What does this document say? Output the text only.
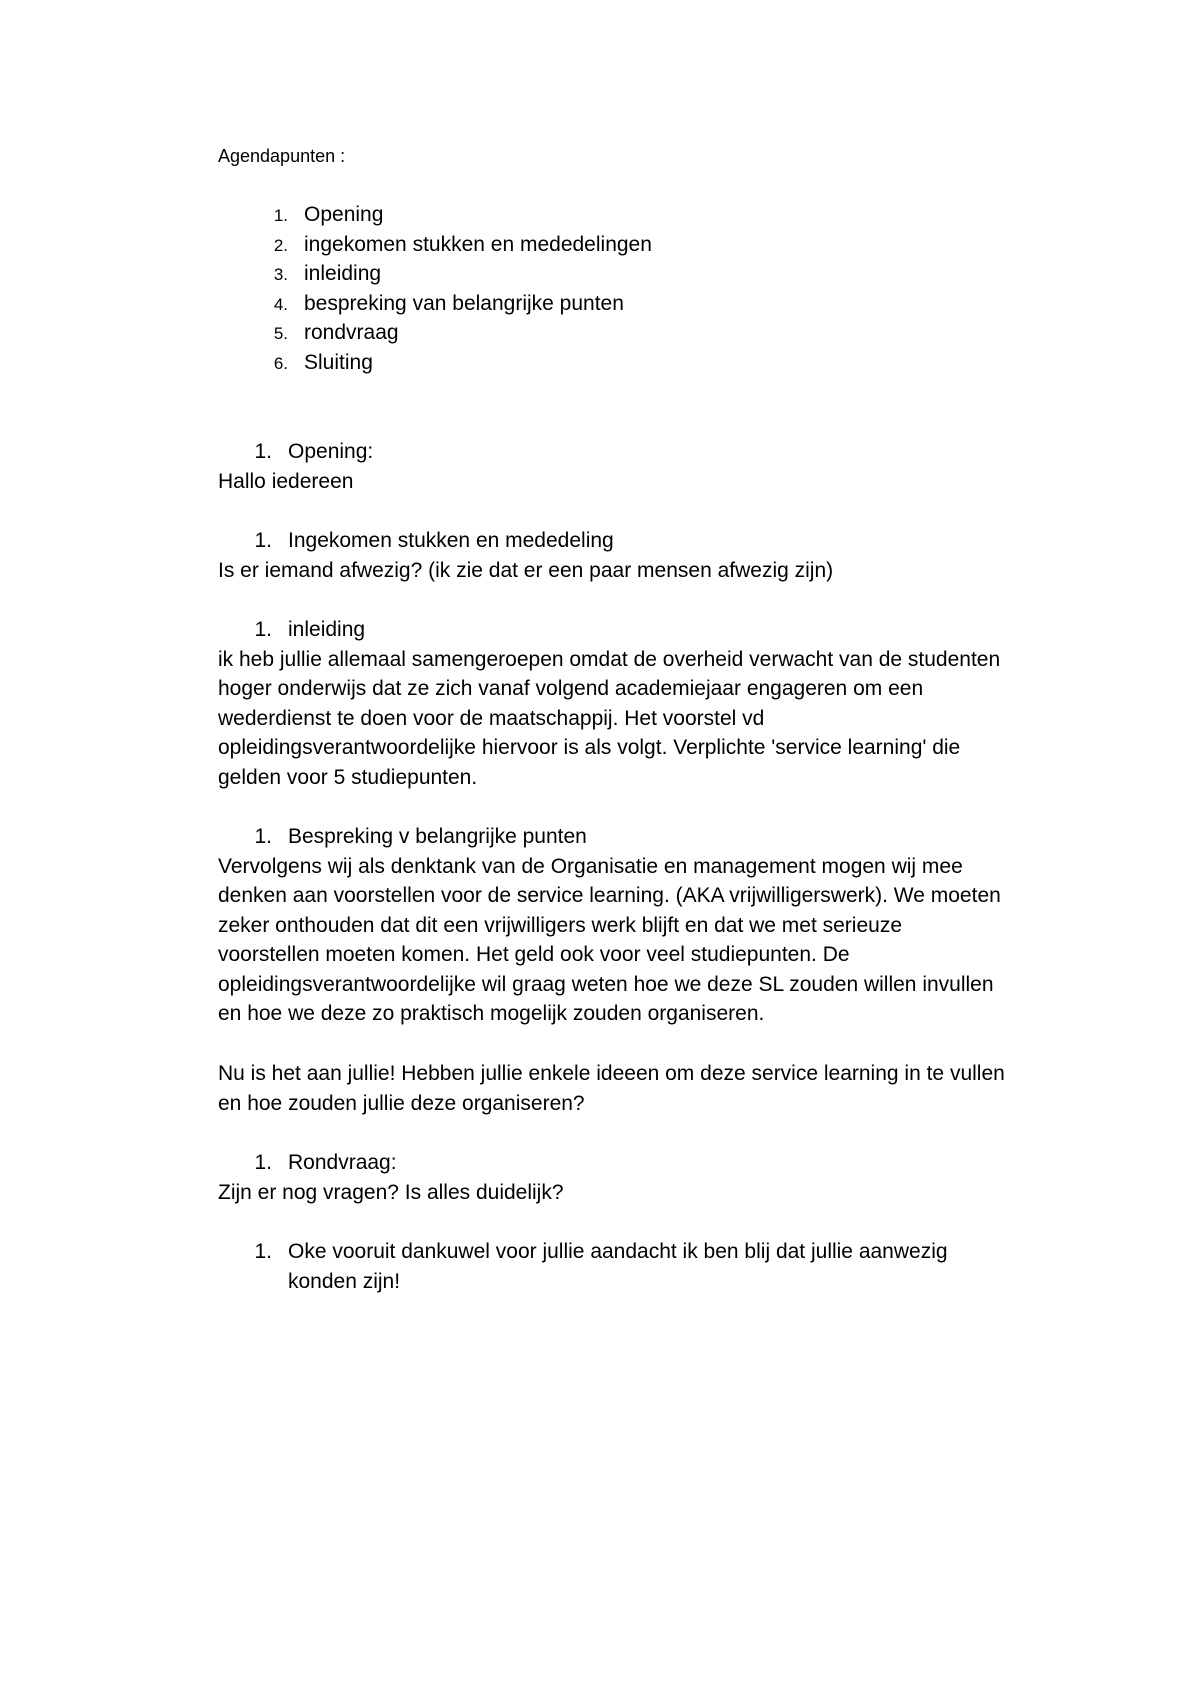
Agendapunten :
1. Opening
2. ingekomen stukken en mededelingen
3. inleiding
4. bespreking van belangrijke punten
5. rondvraag
6. Sluiting
1. Opening:
Hallo iedereen
1. Ingekomen stukken en mededeling
Is er iemand afwezig? (ik zie dat er een paar mensen afwezig zijn)
1. inleiding
ik heb jullie allemaal samengeroepen omdat de overheid verwacht van de studenten
hoger onderwijs dat ze zich vanaf volgend academiejaar engageren om een
wederdienst te doen voor de maatschappij. Het voorstel vd
opleidingsverantwoordelijke hiervoor is als volgt. Verplichte 'service learning' die
gelden voor 5 studiepunten.
1. Bespreking v belangrijke punten
Vervolgens wij als denktank van de Organisatie en management mogen wij mee
denken aan voorstellen voor de service learning. (AKA vrijwilligerswerk). We moeten
zeker onthouden dat dit een vrijwilligers werk blijft en dat we met serieuze
voorstellen moeten komen. Het geld ook voor veel studiepunten. De
opleidingsverantwoordelijke wil graag weten hoe we deze SL zouden willen invullen
en hoe we deze zo praktisch mogelijk zouden organiseren.
Nu is het aan jullie! Hebben jullie enkele ideeen om deze service learning in te vullen
en hoe zouden jullie deze organiseren?
1. Rondvraag:
Zijn er nog vragen? Is alles duidelijk?
1. Oke vooruit dankuwel voor jullie aandacht ik ben blij dat jullie aanwezig
konden zijn!
